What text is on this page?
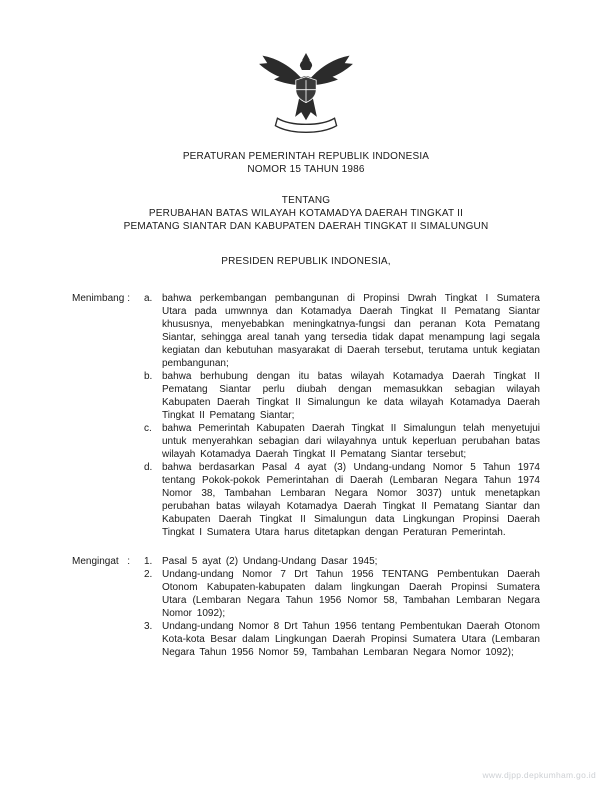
PERATURAN PEMERINTAH REPUBLIK INDONESIA
NOMOR 15 TAHUN 1986
TENTANG
PERUBAHAN BATAS WILAYAH KOTAMADYA DAERAH TINGKAT II
PEMATANG SIANTAR DAN KABUPATEN DAERAH TINGKAT II SIMALUNGUN
PRESIDEN REPUBLIK INDONESIA,
Menimbang :	a. bahwa perkembangan pembangunan di Propinsi Dwrah Tingkat I Sumatera Utara pada umwnnya dan Kotamadya Daerah Tingkat II Pematang Siantar khususnya, menyebabkan meningkatnya-fungsi dan peranan Kota Pematang Siantar, sehingga areal tanah yang tersedia tidak dapat menampung lagi segala kegiatan dan kebutuhan masyarakat di Daerah tersebut, terutama untuk kegiatan pembangunan;
b. bahwa berhubung dengan itu batas wilayah Kotamadya Daerah Tingkat II Pematang Siantar perlu diubah dengan memasukkan sebagian wilayah Kabupaten Daerah Tingkat II Simalungun ke data wilayah Kotamadya Daerah Tingkat II Pematang Siantar;
c.	bahwa Pemerintah Kabupaten Daerah Tingkat II Simalungun telah menyetujui untuk menyerahkan sebagian dari wilayahnya untuk keperluan perubahan batas wilayah Kotamadya Daerah Tingkat II Pematang Siantar tersebut;
d. bahwa berdasarkan Pasal 4 ayat (3) Undang-undang Nomor 5 Tahun 1974 tentang Pokok-pokok Pemerintahan di Daerah (Lembaran Negara Tahun 1974 Nomor 38, Tambahan Lembaran Negara Nomor 3037) untuk menetapkan perubahan batas wilayah Kotamadya Daerah Tingkat II Pematang Siantar dan Kabupaten Daerah Tingkat II Simalungun data Lingkungan Propinsi Daerah Tingkat I Sumatera Utara harus ditetapkan dengan Peraturan Pemerintah.
Mengingat :	1. Pasal 5 ayat (2) Undang-Undang Dasar 1945;
2. Undang-undang Nomor 7 Drt Tahun 1956 TENTANG Pembentukan Daerah Otonom Kabupaten-kabupaten dalam lingkungan Daerah Propinsi Sumatera Utara (Lembaran Negara Tahun 1956 Nomor 58, Tambahan Lembaran Negara Nomor 1092);
3. Undang-undang Nomor 8 Drt Tahun 1956 tentang Pembentukan Daerah Otonom Kota-kota Besar dalam Lingkungan Daerah Propinsi Sumatera Utara (Lembaran Negara Tahun 1956 Nomor 59, Tambahan Lembaran Negara Nomor 1092);
www.djpp.depkumham.go.id
